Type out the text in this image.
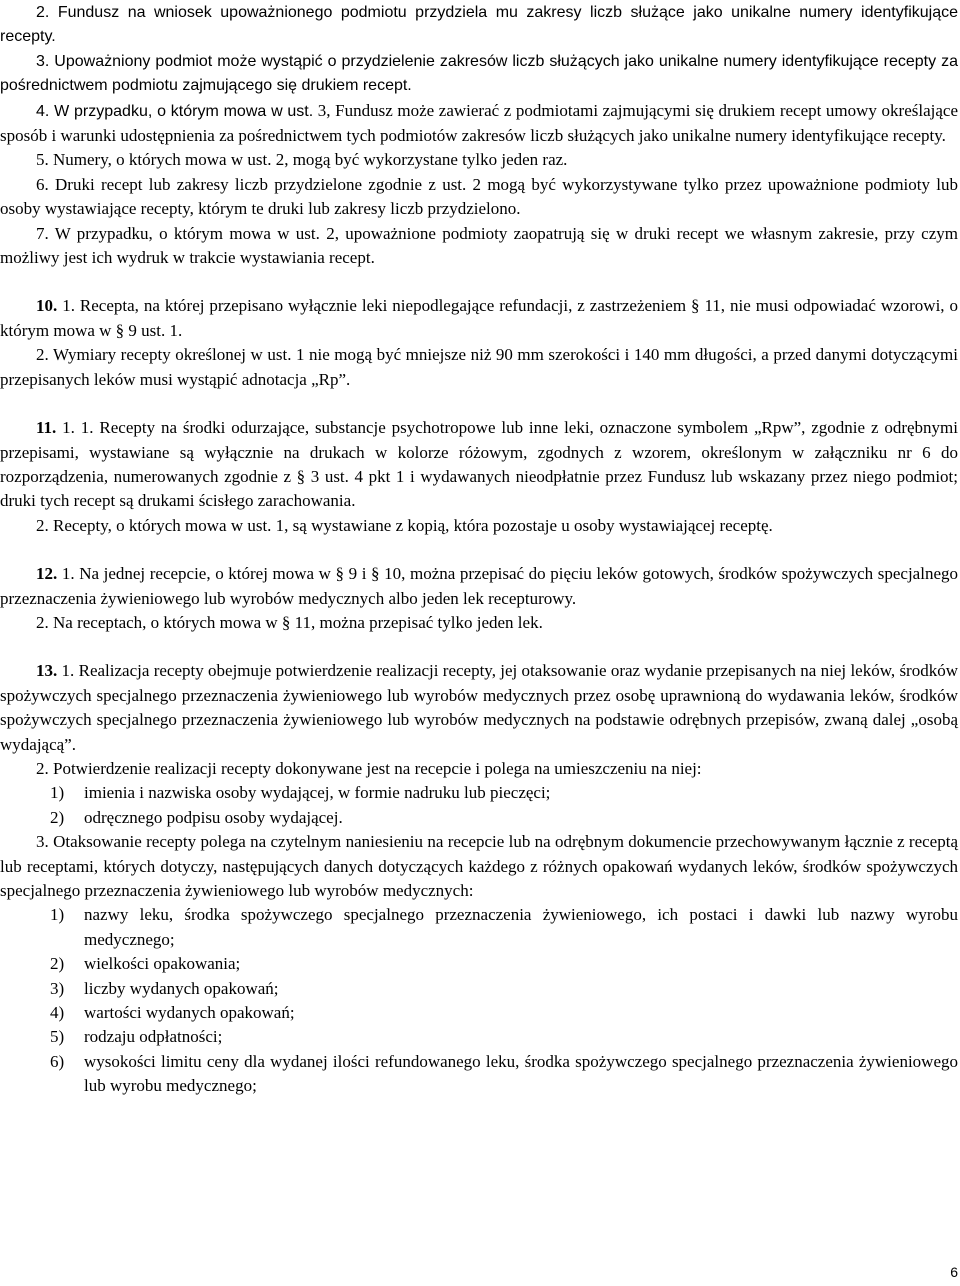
2. Fundusz na wniosek upoważnionego podmiotu przydziela mu zakresy liczb służące jako unikalne numery identyfikujące recepty.

3. Upoważniony podmiot może wystąpić o przydzielenie zakresów liczb służących jako unikalne numery identyfikujące recepty za pośrednictwem podmiotu zajmującego się drukiem recept.

4. W przypadku, o którym mowa w ust. 3, Fundusz może zawierać z podmiotami zajmującymi się drukiem recept umowy określające sposób i warunki udostępnienia za pośrednictwem tych podmiotów zakresów liczb służących jako unikalne numery identyfikujące recepty.

5. Numery, o których mowa w ust. 2, mogą być wykorzystane tylko jeden raz.

6. Druki recept lub zakresy liczb przydzielone zgodnie z ust. 2 mogą być wykorzystywane tylko przez upoważnione podmioty lub osoby wystawiające recepty, którym te druki lub zakresy liczb przydzielono.

7. W przypadku, o którym mowa w ust. 2, upoważnione podmioty zaopatrują się w druki recept we własnym zakresie, przy czym możliwy jest ich wydruk w trakcie wystawiania recept.

10. 1. Recepta, na której przepisano wyłącznie leki niepodlegające refundacji, z zastrzeżeniem § 11, nie musi odpowiadać wzorowi, o którym mowa w § 9 ust. 1.

2. Wymiary recepty określonej w ust. 1 nie mogą być mniejsze niż 90 mm szerokości i 140 mm długości, a przed danymi dotyczącymi przepisanych leków musi wystąpić adnotacja „Rp”.

11. 1. 1. Recepty na środki odurzające, substancje psychotropowe lub inne leki, oznaczone symbolem „Rpw”, zgodnie z odrębnymi przepisami, wystawiane są wyłącznie na drukach w kolorze różowym, zgodnych z wzorem, określonym w załączniku nr 6 do rozporządzenia, numerowanych zgodnie z § 3 ust. 4 pkt 1 i wydawanych nieodpłatnie przez Fundusz lub wskazany przez niego podmiot; druki tych recept są drukami ścisłego zarachowania.

2. Recepty, o których mowa w ust. 1, są wystawiane z kopią, która pozostaje u osoby wystawiającej receptę.

12. 1. Na jednej recepcie, o której mowa w § 9 i § 10, można przepisać do pięciu leków gotowych, środków spożywczych specjalnego przeznaczenia żywieniowego lub wyrobów medycznych albo jeden lek recepturowy.

2. Na receptach, o których mowa w § 11, można przepisać tylko jeden lek.

13. 1. Realizacja recepty obejmuje potwierdzenie realizacji recepty, jej otaksowanie oraz wydanie przepisanych na niej leków, środków spożywczych specjalnego przeznaczenia żywieniowego lub wyrobów medycznych przez osobę uprawnioną do wydawania leków, środków spożywczych specjalnego przeznaczenia żywieniowego lub wyrobów medycznych na podstawie odrębnych przepisów, zwaną dalej „osobą wydającą”.

2. Potwierdzenie realizacji recepty dokonywane jest na recepcie i polega na umieszczeniu na niej:

1)	imienia i nazwiska osoby wydającej, w formie nadruku lub pieczęci;
2)	odręcznego podpisu osoby wydającej.

3. Otaksowanie recepty polega na czytelnym naniesieniu na recepcie lub na odrębnym dokumencie przechowywanym łącznie z receptą lub receptami, których dotyczy, następujących danych dotyczących każdego z różnych opakowań wydanych leków, środków spożywczych specjalnego przeznaczenia żywieniowego lub wyrobów medycznych:

1)	nazwy leku, środka spożywczego specjalnego przeznaczenia żywieniowego, ich postaci i dawki lub nazwy wyrobu medycznego;
2)	wielkości opakowania;
3)	liczby wydanych opakowań;
4)	wartości wydanych opakowań;
5)	rodzaju odpłatności;
6)	wysokości limitu ceny dla wydanej ilości refundowanego leku, środka spożywczego specjalnego przeznaczenia żywieniowego lub wyrobu medycznego;
6
